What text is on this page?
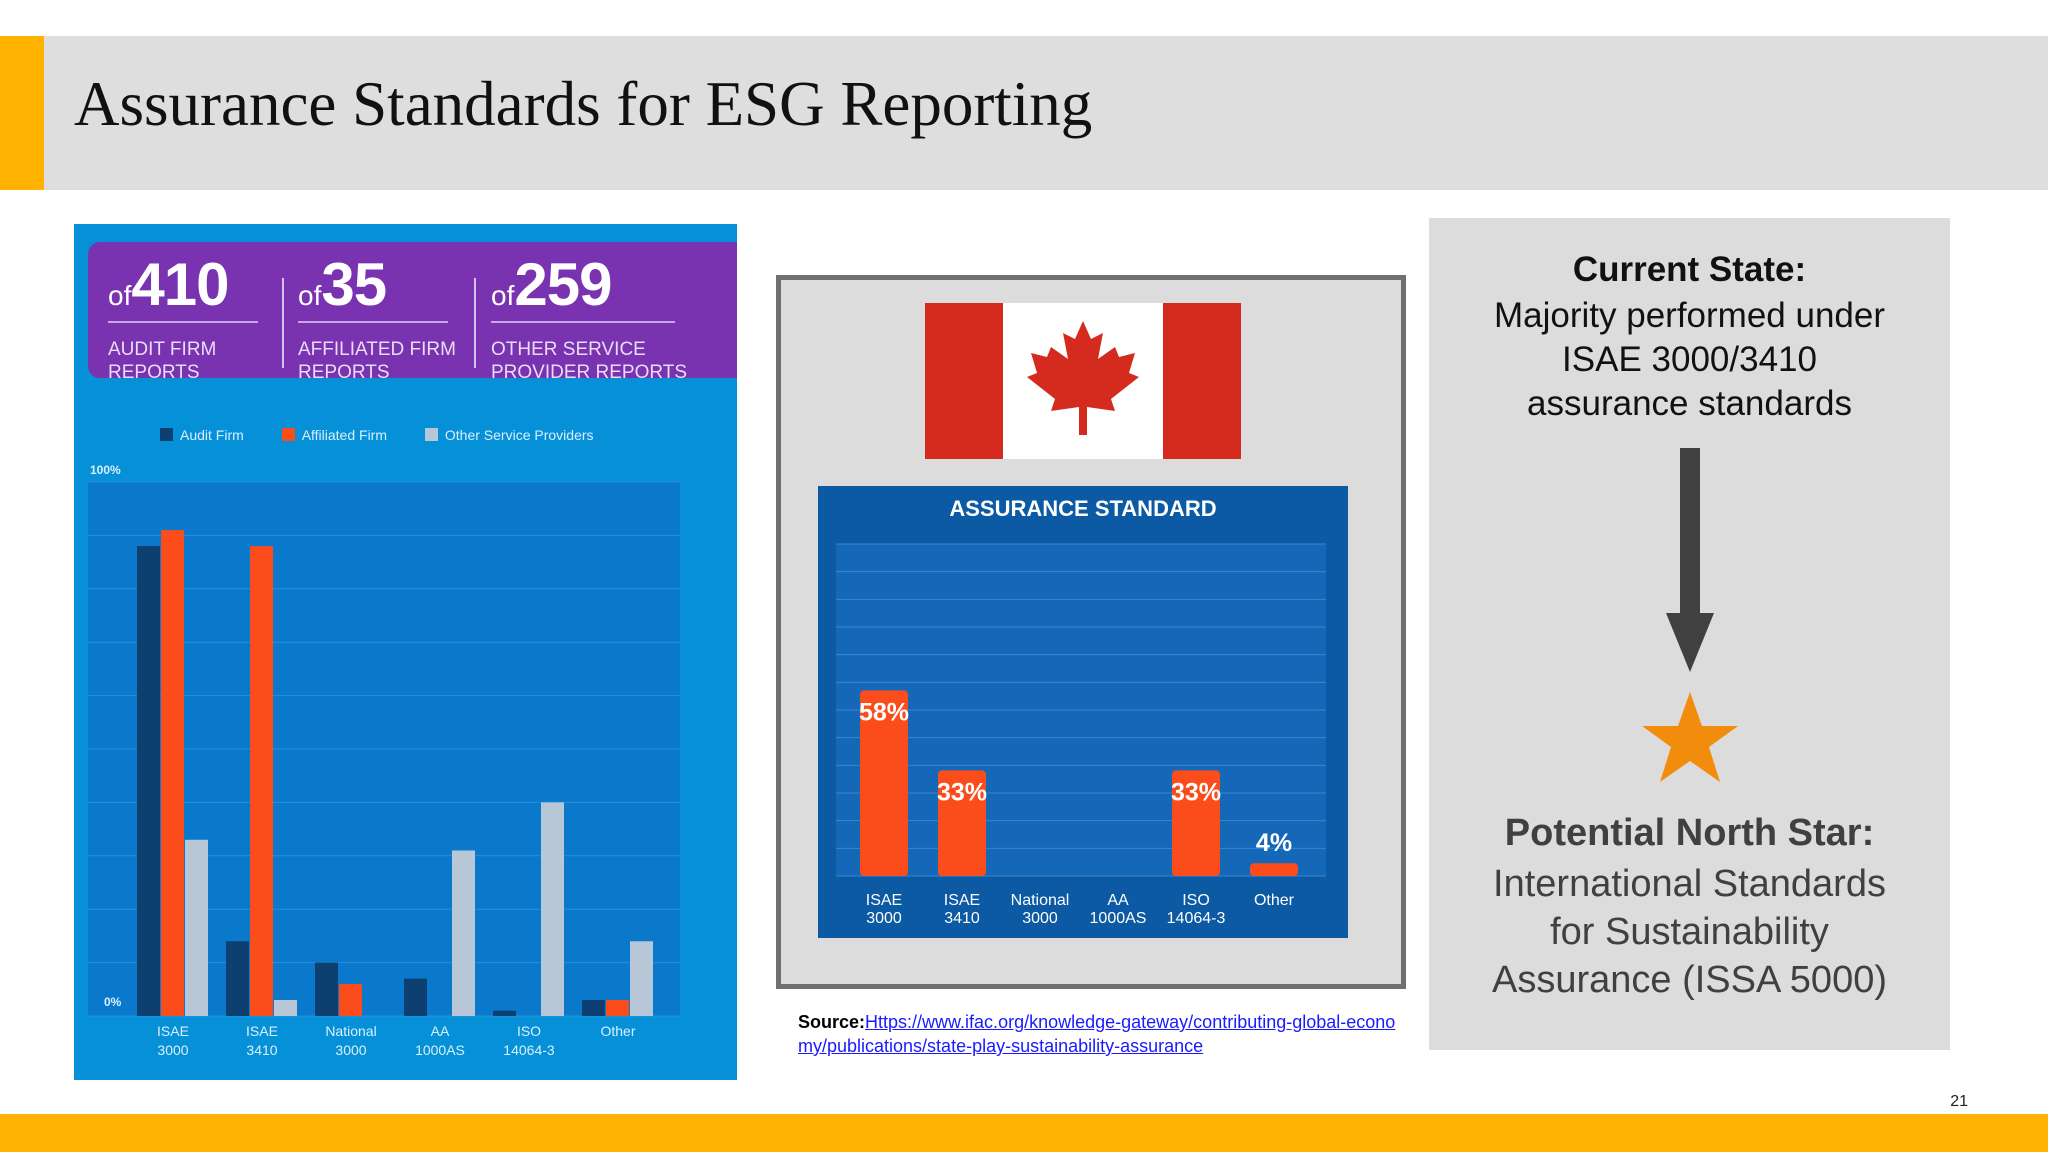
Assurance Standards for ESG Reporting
of410
AUDIT FIRM
REPORTS
of35
AFFILIATED FIRM
REPORTS
of259
OTHER SERVICE
PROVIDER REPORTS
Audit Firm	Affiliated Firm	Other Service Providers
100%
0%
ISAE 3000
ISAE 3410
National 3000
AA 1000AS
ISO 14064-3
Other
ASSURANCE STANDARD
58%
ISAE 3000
33%
ISAE 3410
National 3000
AA 1000AS
33%
ISO 14064-3
4%
Other
Source:Https://www.ifac.org/knowledge-gateway/contributing-global-economy/publications/state-play-sustainability-assurance
Current State:
Majority performed under
ISAE 3000/3410
assurance standards
Potential North Star:
International Standards
for Sustainability
Assurance (ISSA 5000)
21
